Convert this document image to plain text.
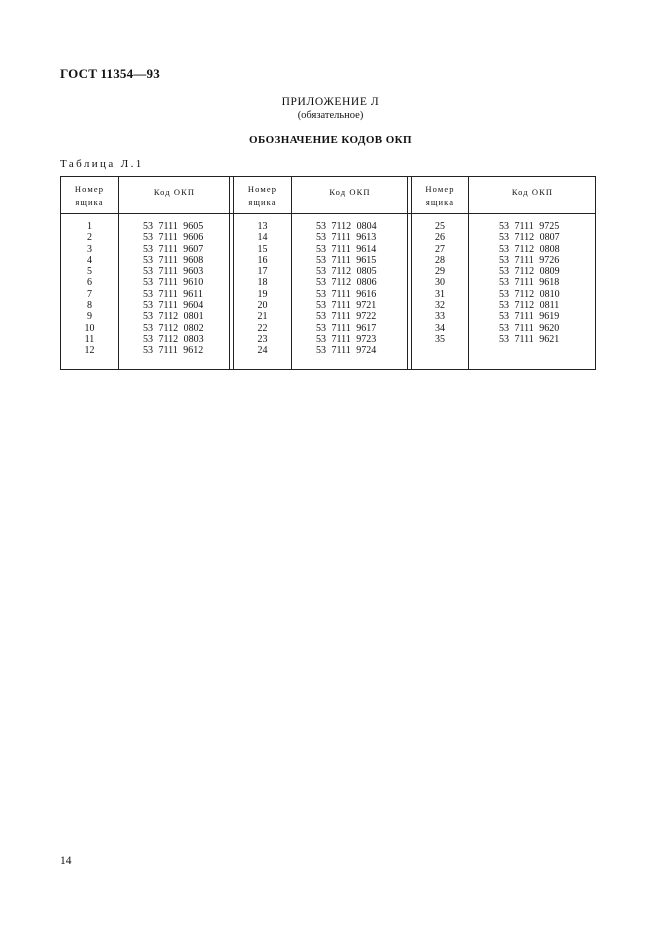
ГОСТ 11354—93
ПРИЛОЖЕНИЕ Л
(обязательное)
ОБОЗНАЧЕНИЕ КОДОВ ОКП
Таблица Л.1
Номер
ящика
1
2
3
4
5
6
7
8
9
10
11
12
Код ОКП
53 7111 9605
53 7111 9606
53 7111 9607
53 7111 9608
53 7111 9603
53 7111 9610
53 7111 9611
53 7111 9604
53 7112 0801
53 7112 0802
53 7112 0803
53 7111 9612
Номер
ящика
13
14
15
16
17
18
19
20
21
22
23
24
Код ОКП
53 7112 0804
53 7111 9613
53 7111 9614
53 7111 9615
53 7112 0805
53 7112 0806
53 7111 9616
53 7111 9721
53 7111 9722
53 7111 9617
53 7111 9723
53 7111 9724
Номер
ящика
25
26
27
28
29
30
31
32
33
34
35
Код ОКП
53 7111 9725
53 7112 0807
53 7112 0808
53 7111 9726
53 7112 0809
53 7111 9618
53 7112 0810
53 7112 0811
53 7111 9619
53 7111 9620
53 7111 9621
14
